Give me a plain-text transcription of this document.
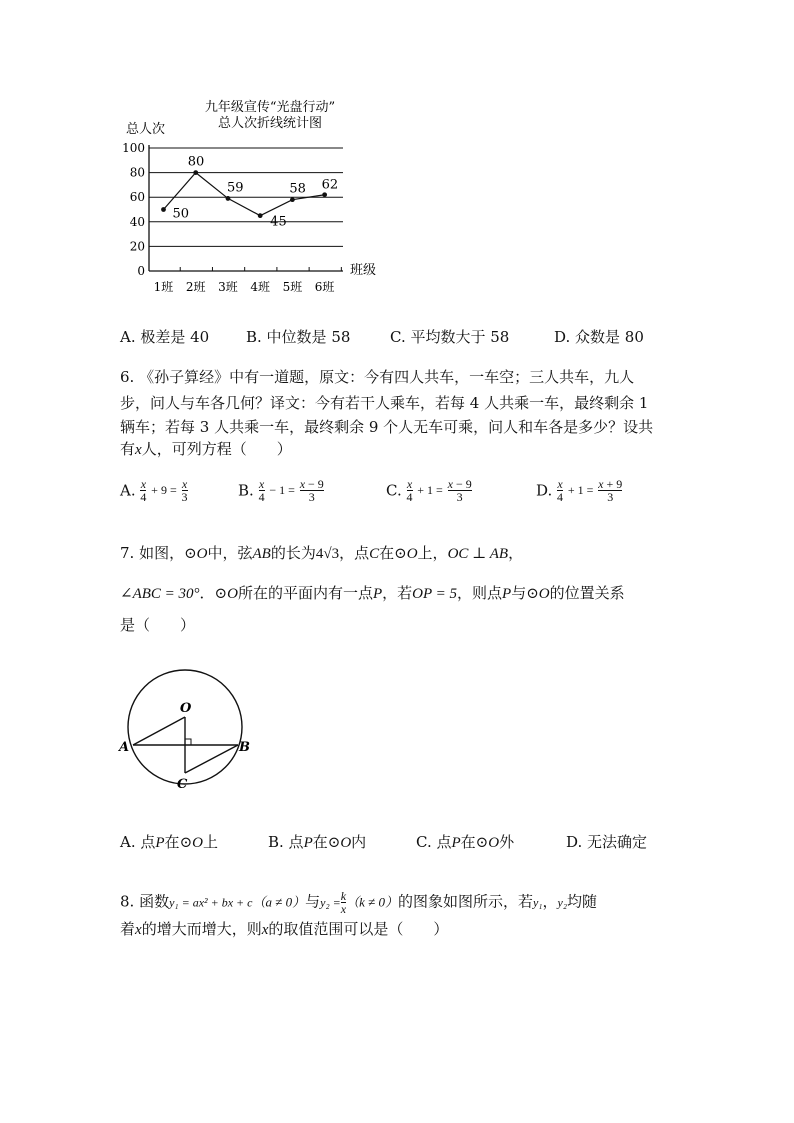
九年级宣传“光盘行动”
总人次折线统计图
总人次
班级
0
20
40
60
80
100
1班 2班 3班 4班 5班 6班
50
80
59
45
58 62
A. 极差是 40 B. 中位数是 58	C. 平均数大于 58	D. 众数是 80
6. 《孙子算经》中有一道题，原文：今有四人共车，一车空；三人共车，九人
步，问人与车各几何？译文：今有若干人乘车，若每 4 人共乘一车，最终剩余 1
辆车；若每 3 人共乘一车，最终剩余 9 个人无车可乘，问人和车各是多少？设共
有x人，可列方程（　　）
A. $\frac{x}{4} + 9 = \frac{x}{3}$	B. $\frac{x}{4} - 1 = \frac{x - 9}{3}$	C. $\frac{x}{4} + 1 = \frac{x - 9}{3}$	D. $\frac{x}{4} + 1 = \frac{x + 9}{3}$
7. 如图，⊙O中，弦AB的长为4√3，点C在⊙O上，OC ⊥ AB，
∠ABC = 30°．⊙O所在的平面内有一点P，若OP = 5，则点P与⊙O的位置关系
是（　　）
O
A	B
C
A. 点P在⊙O上	B. 点P在⊙O内	C. 点P在⊙O外	D. 无法确定
8. 函数y₁ = ax² + bx + c（a ≠ 0）与$y_2 = \frac{k}{x} (k \ne 0)$的图象如图所示，若y₁，y₂均随
着x的增大而增大，则x的取值范围可以是（　　）
